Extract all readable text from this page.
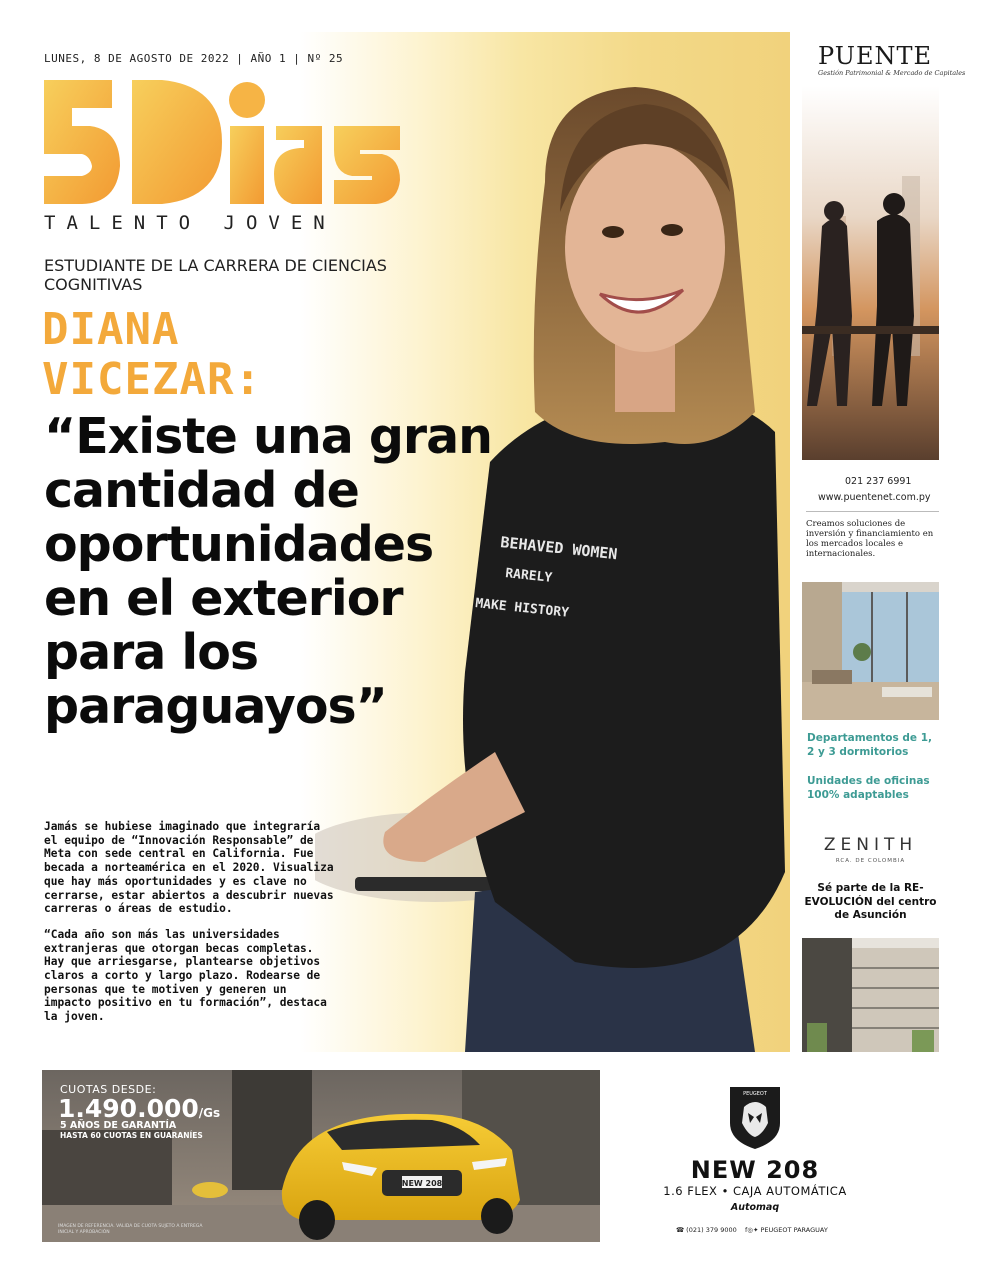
BEHAVED WOMEN
RARELY
MAKE HISTORY
LUNES, 8 DE AGOSTO DE 2022 | AÑO 1 | Nº 25
5DIAS
TALENTO JOVEN
ESTUDIANTE DE LA CARRERA DE CIENCIAS COGNITIVAS
DIANA
VICEZAR:
“Existe una gran cantidad de oportunidades en el exterior para los paraguayos”

Jamás se hubiese imaginado que integraría el equipo de “Innovación Responsable” de Meta con sede central en California. Fue becada a norteamérica en el 2020. Visualiza que hay más oportunidades y es clave no cerrarse, estar abiertos a descubrir nuevas carreras o áreas de estudio.

“Cada año son más las universidades extranjeras que otorgan becas completas. Hay que arriesgarse, plantearse objetivos claros a corto y largo plazo. Rodearse de personas que te motiven y generen un impacto positivo en tu formación”, destaca la joven.

PUENTE
Gestión Patrimonial & Mercado de Capitales
021 237 6991
www.puentenet.com.py
Creamos soluciones de inversión y financiamiento en los mercados locales e internacionales.
Departamentos de 1, 2 y 3 dormitorios
Unidades de oficinas 100% adaptables
ZENITH
RCA. DE COLOMBIA
Sé parte de la RE-EVOLUCIÓN del centro de Asunción
NEW 208
CUOTAS DESDE:
1.490.000/Gs
5 AÑOS DE GARANTÍA
HASTA 60 CUOTAS EN GUARANÍES
IMAGEN DE REFERENCIA. VALIDA DE CUOTA SUJETO A ENTREGA INICIAL Y APROBACIÓN
PEUGEOT
NEW 208
1.6 FLEX • CAJA AUTOMÁTICA
Automaq
☎ (021) 379 9000 f◎✦ PEUGEOT PARAGUAY
